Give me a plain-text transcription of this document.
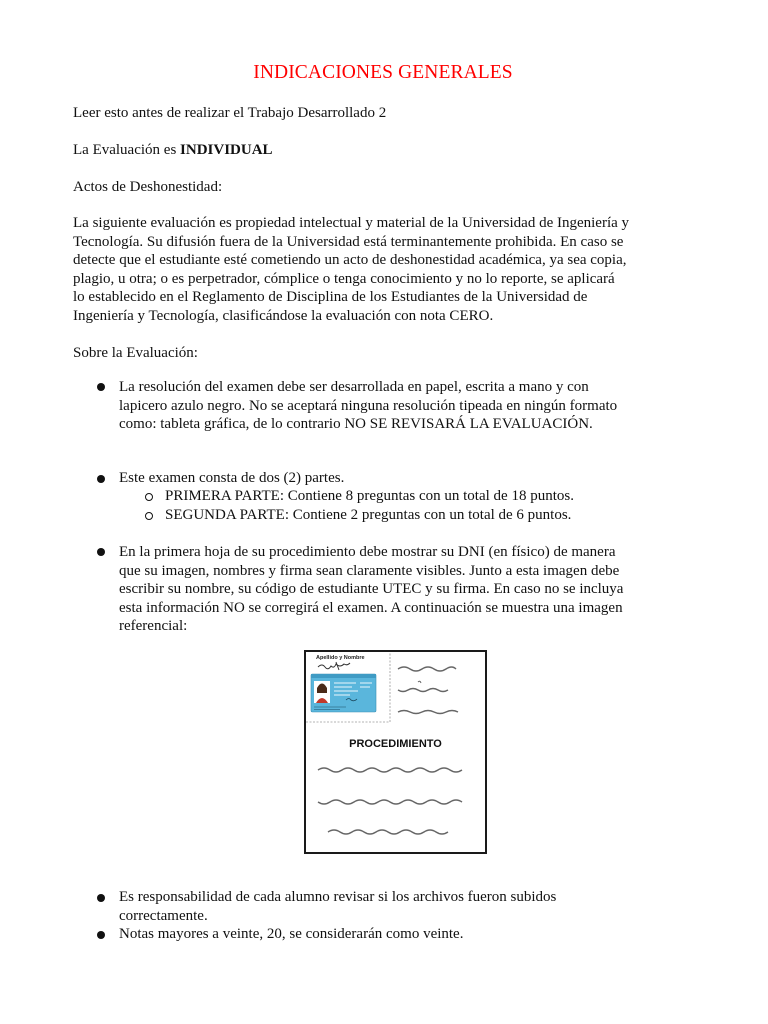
INDICACIONES GENERALES
Leer esto antes de realizar el Trabajo Desarrollado 2
La Evaluación es INDIVIDUAL
Actos de Deshonestidad:
La siguiente evaluación es propiedad intelectual y material de la Universidad de Ingeniería y
Tecnología. Su difusión fuera de la Universidad está terminantemente prohibida. En caso se
detecte que el estudiante esté cometiendo un acto de deshonestidad académica, ya sea copia,
plagio, u otra; o es perpetrador, cómplice o tenga conocimiento y no lo reporte, se aplicará
lo establecido en el Reglamento de Disciplina de los Estudiantes de la Universidad de
Ingeniería y Tecnología, clasificándose la evaluación con nota CERO.
Sobre la Evaluación:
La resolución del examen debe ser desarrollada en papel, escrita a mano y con
lapicero azulo negro. No se aceptará ninguna resolución tipeada en ningún formato
como: tableta gráfica, de lo contrario NO SE REVISARÁ LA EVALUACIÓN.
Este examen consta de dos (2) partes.
PRIMERA PARTE: Contiene 8 preguntas con un total de 18 puntos.
SEGUNDA PARTE: Contiene 2 preguntas con un total de 6 puntos.
En la primera hoja de su procedimiento debe mostrar su DNI (en físico) de manera
que su imagen, nombres y firma sean claramente visibles. Junto a esta imagen debe
escribir su nombre, su código de estudiante UTEC y su firma. En caso no se incluya
esta información NO se corregirá el examen. A continuación se muestra una imagen
referencial:
Apellido y Nombre
PROCEDIMIENTO
Es responsabilidad de cada alumno revisar si los archivos fueron subidos
correctamente.
Notas mayores a veinte, 20, se considerarán como veinte.
